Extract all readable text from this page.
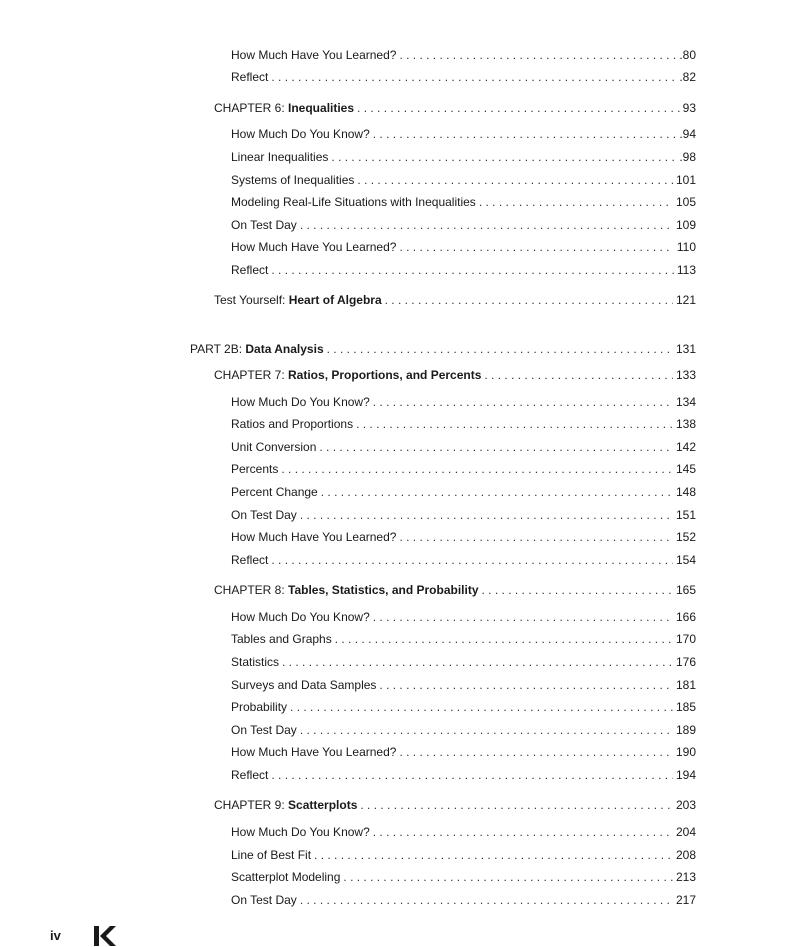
How Much Have You Learned? . . .	.80
Reflect . . .	.82
CHAPTER 6: Inequalities . . .	93
How Much Do You Know? . . .	.94
Linear Inequalities . . .	.98
Systems of Inequalities . . .	101
Modeling Real-Life Situations with Inequalities . . .	105
On Test Day . . .	109
How Much Have You Learned? . . .	110
Reflect . . .	113
Test Yourself: Heart of Algebra . . .	121
PART 2B: Data Analysis . . .	131
CHAPTER 7: Ratios, Proportions, and Percents . . .	133
How Much Do You Know? . . .	134
Ratios and Proportions . . .	138
Unit Conversion . . .	142
Percents . . .	145
Percent Change . . .	148
On Test Day . . .	151
How Much Have You Learned? . . .	152
Reflect . . .	154
CHAPTER 8: Tables, Statistics, and Probability . . .	165
How Much Do You Know? . . .	166
Tables and Graphs . . .	170
Statistics . . .	176
Surveys and Data Samples . . .	181
Probability . . .	185
On Test Day . . .	189
How Much Have You Learned? . . .	190
Reflect . . .	194
CHAPTER 9: Scatterplots . . .	203
How Much Do You Know? . . .	204
Line of Best Fit . . .	208
Scatterplot Modeling . . .	213
On Test Day . . .	217
iv
